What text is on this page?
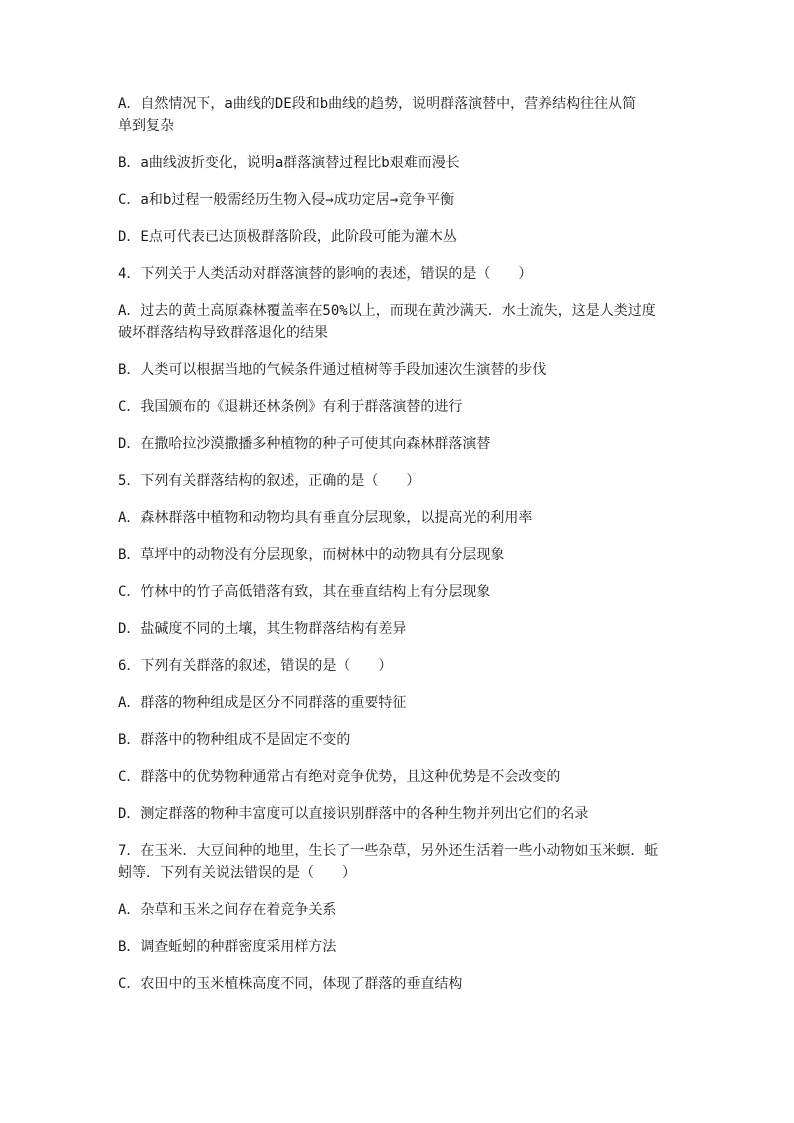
A．自然情况下，a曲线的DE段和b曲线的趋势，说明群落演替中，营养结构往往从简
单到复杂
B．a曲线波折变化，说明a群落演替过程比b艰难而漫长
C．a和b过程一般需经历生物入侵→成功定居→竞争平衡
D．E点可代表已达顶极群落阶段，此阶段可能为灌木丛
4．下列关于人类活动对群落演替的影响的表述，错误的是（　　）
A．过去的黄土高原森林覆盖率在50%以上，而现在黄沙满天．水土流失，这是人类过度
破坏群落结构导致群落退化的结果
B．人类可以根据当地的气候条件通过植树等手段加速次生演替的步伐
C．我国颁布的《退耕还林条例》有利于群落演替的进行
D．在撒哈拉沙漠撒播多种植物的种子可使其向森林群落演替
5．下列有关群落结构的叙述，正确的是（　　）
A．森林群落中植物和动物均具有垂直分层现象，以提高光的利用率
B．草坪中的动物没有分层现象，而树林中的动物具有分层现象
C．竹林中的竹子高低错落有致，其在垂直结构上有分层现象
D．盐碱度不同的土壤，其生物群落结构有差异
6．下列有关群落的叙述，错误的是（　　）
A．群落的物种组成是区分不同群落的重要特征
B．群落中的物种组成不是固定不变的
C．群落中的优势物种通常占有绝对竞争优势，且这种优势是不会改变的
D．测定群落的物种丰富度可以直接识别群落中的各种生物并列出它们的名录
7．在玉米．大豆间种的地里，生长了一些杂草，另外还生活着一些小动物如玉米螟．蚯
蚓等．下列有关说法错误的是（　　）
A．杂草和玉米之间存在着竞争关系
B．调查蚯蚓的种群密度采用样方法
C．农田中的玉米植株高度不同，体现了群落的垂直结构
